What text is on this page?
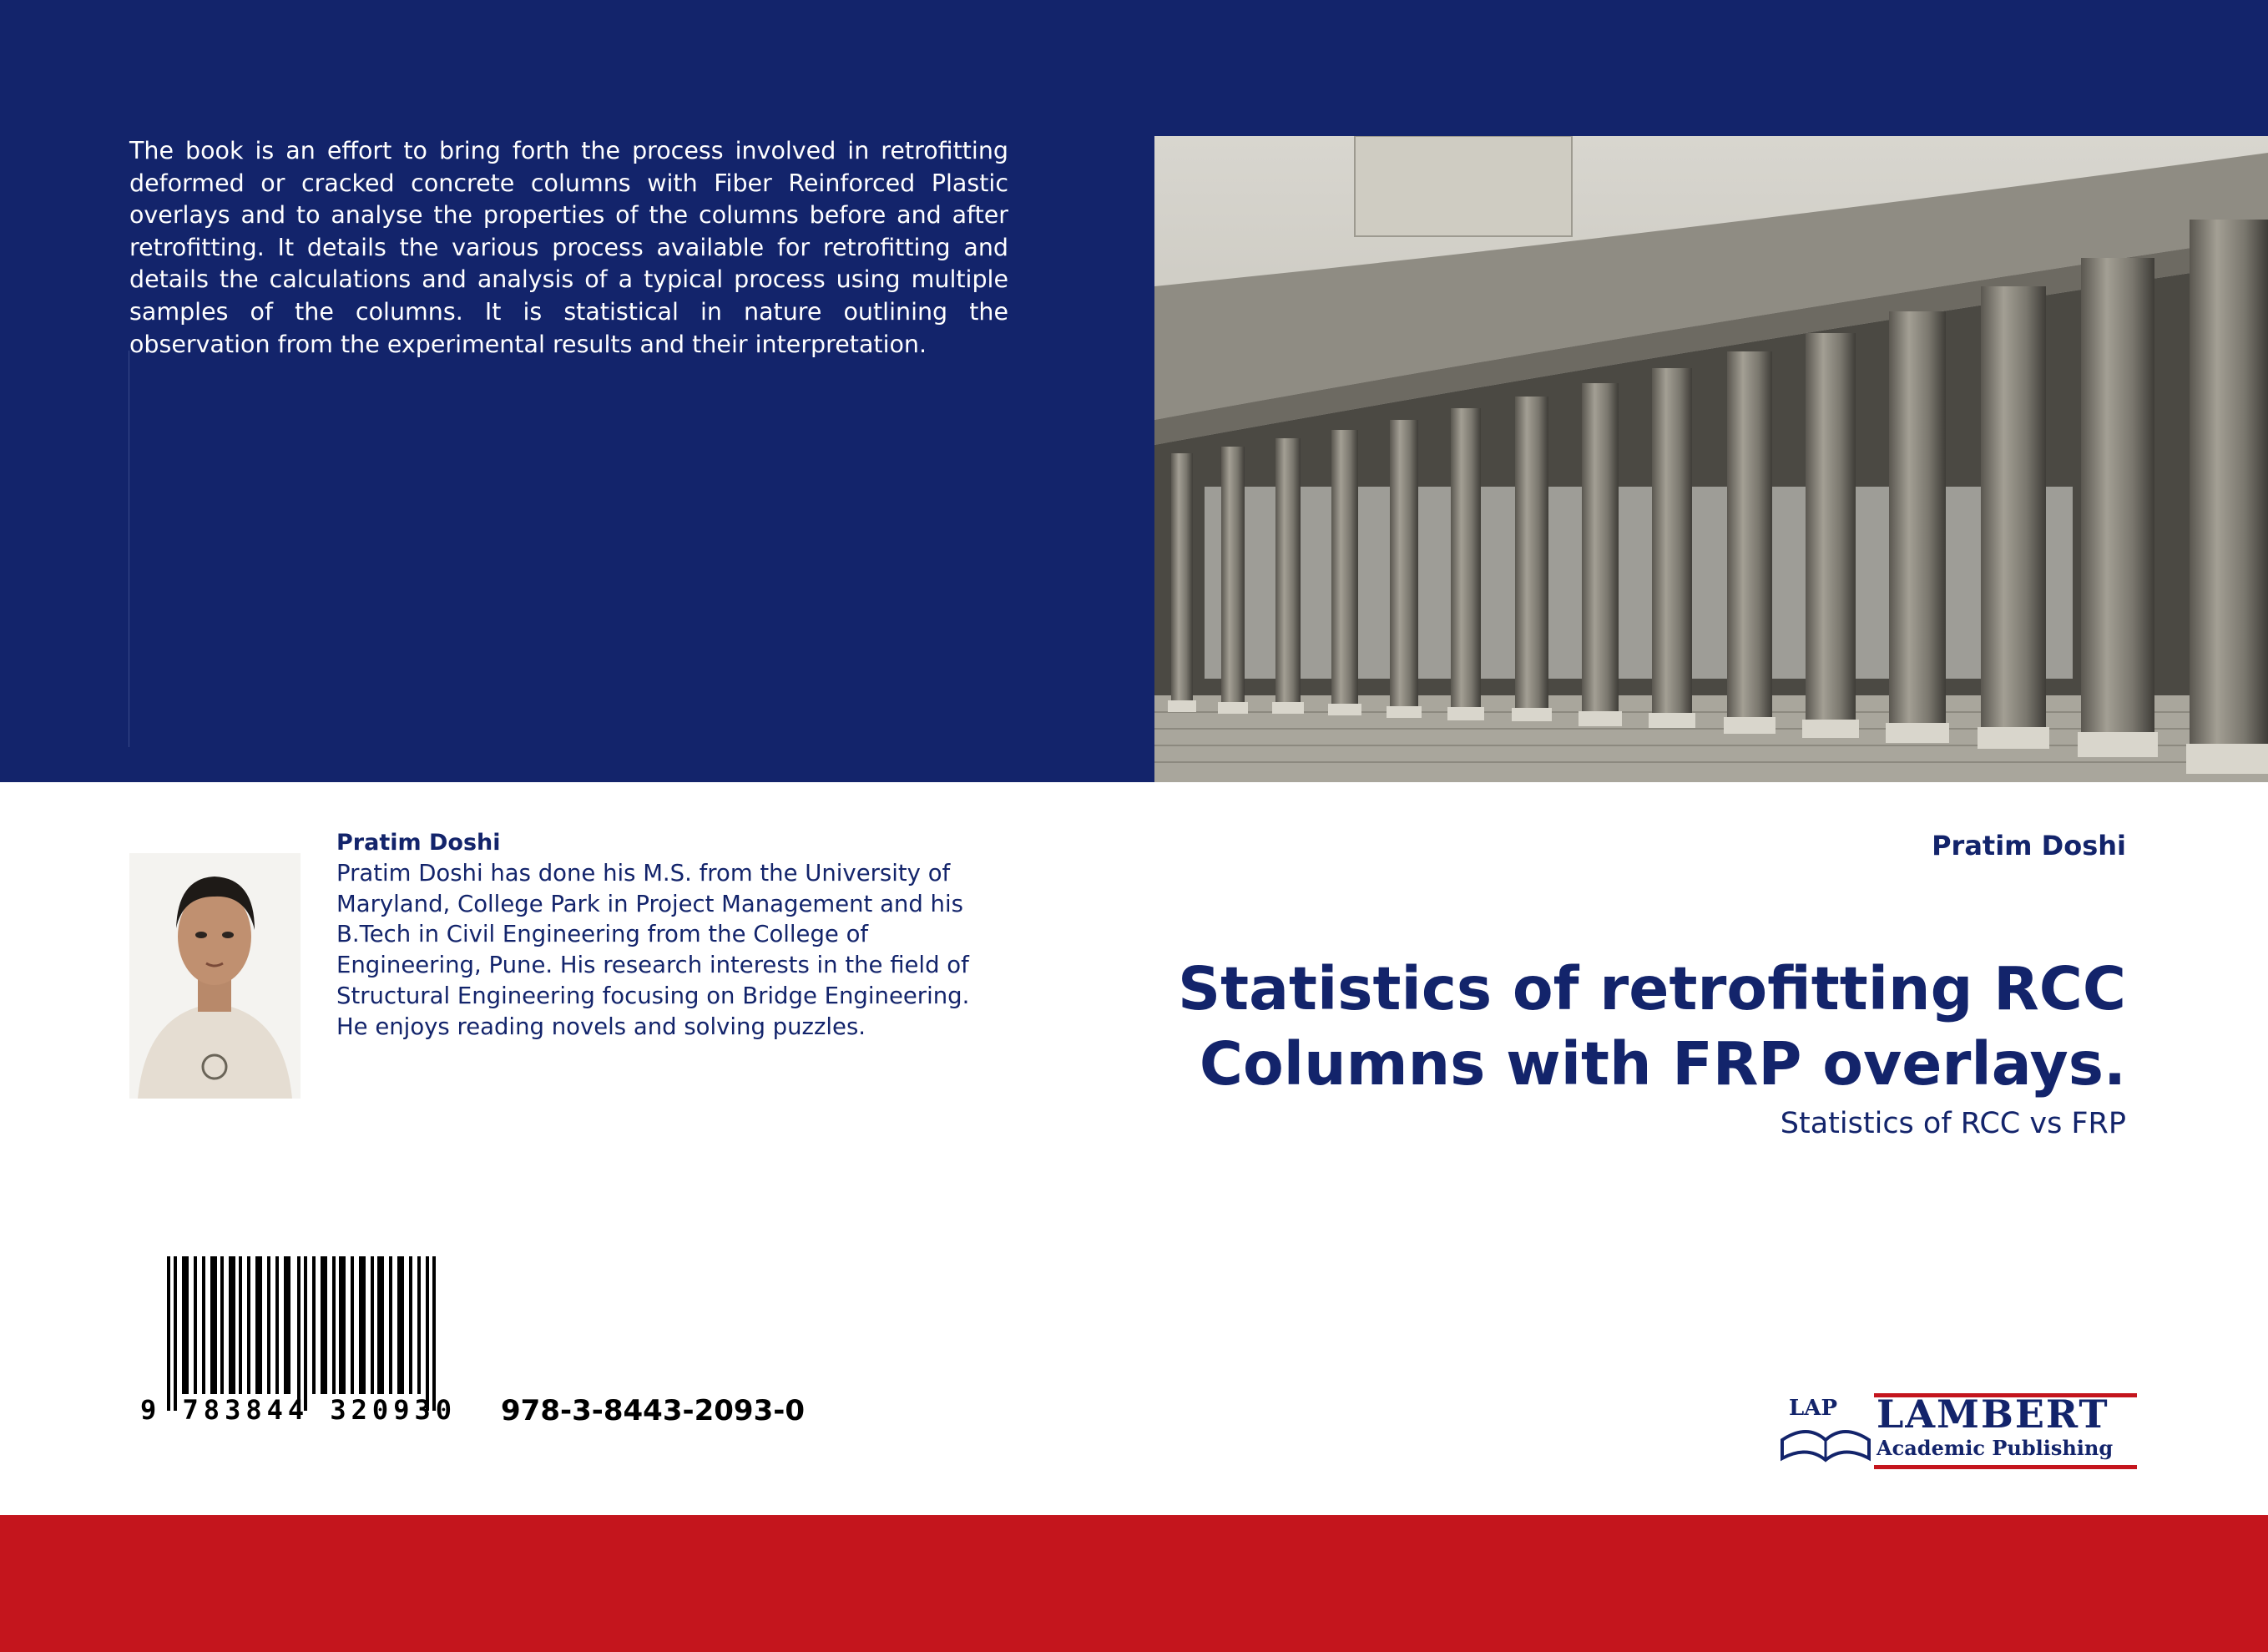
The book is an effort to bring forth the process involved in retrofitting deformed or cracked concrete columns with Fiber Reinforced Plastic overlays and to analyse the properties of the columns before and after retrofitting. It details the various process available for retrofitting and details the calculations and analysis of a typical process using multiple samples of the columns. It is statistical in nature outlining the observation from the experimental results and their interpretation.

Pratim Doshi

Pratim Doshi has done his M.S. from the University of Maryland, College Park in Project Management and his B.Tech in Civil Engineering from the College of Engineering, Pune. His research interests in the field of Structural Engineering focusing on Bridge Engineering. He enjoys reading novels and solving puzzles.

Pratim Doshi

Statistics of retrofitting RCC
Columns with FRP overlays.

Statistics of RCC vs FRP

9 783844 320930 978-3-8443-2093-0	LAP LAMBERT

Academic Publishing
